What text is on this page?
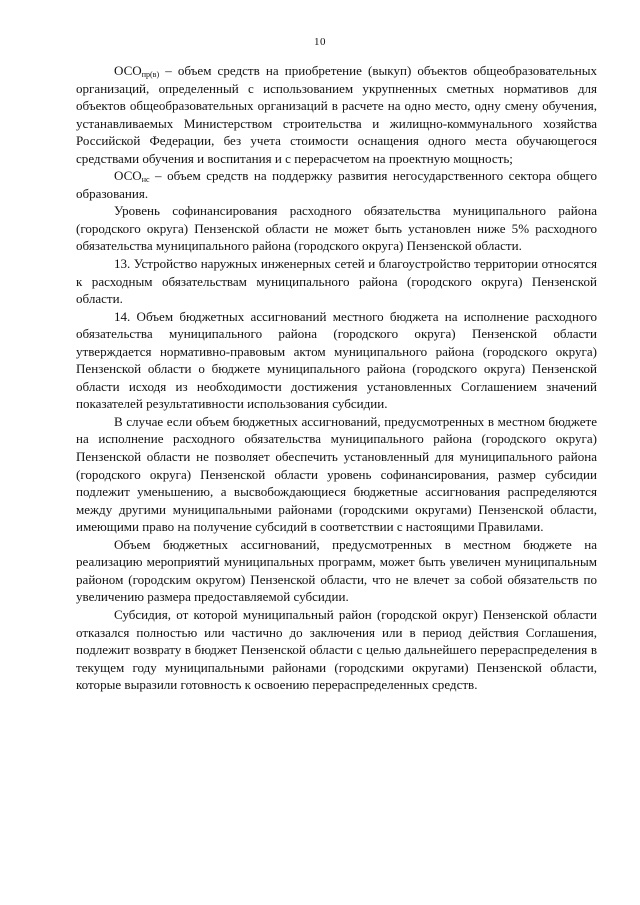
10

$ОСО_{пр(в)}$ – объем средств на приобретение (выкуп) объектов общеобразовательных организаций, определенный с использованием укрупненных сметных нормативов для объектов общеобразовательных организаций в расчете на одно место, одну смену обучения, устанавливаемых Министерством строительства и жилищно-коммунального хозяйства Российской Федерации, без учета стоимости оснащения одного места обучающегося средствами обучения и воспитания и с перерасчетом на проектную мощность;

$ОСО_{нс}$ – объем средств на поддержку развития негосударственного сектора общего образования.

Уровень софинансирования расходного обязательства муниципального района (городского округа) Пензенской области не может быть установлен ниже 5% расходного обязательства муниципального района (городского округа) Пензенской области.

13. Устройство наружных инженерных сетей и благоустройство территории относятся к расходным обязательствам муниципального района (городского округа) Пензенской области.

14. Объем бюджетных ассигнований местного бюджета на исполнение расходного обязательства муниципального района (городского округа) Пензенской области утверждается нормативно-правовым актом муниципального района (городского округа) Пензенской области о бюджете муниципального района (городского округа) Пензенской области исходя из необходимости достижения установленных Соглашением значений показателей результативности использования субсидии.

В случае если объем бюджетных ассигнований, предусмотренных в местном бюджете на исполнение расходного обязательства муниципального района (городского округа) Пензенской области не позволяет обеспечить установленный для муниципального района (городского округа) Пензенской области уровень софинансирования, размер субсидии подлежит уменьшению, а высвобождающиеся бюджетные ассигнования распределяются между другими муниципальными районами (городскими округами) Пензенской области, имеющими право на получение субсидий в соответствии с настоящими Правилами.

Объем бюджетных ассигнований, предусмотренных в местном бюджете на реализацию мероприятий муниципальных программ, может быть увеличен муниципальным районом (городским округом) Пензенской области, что не влечет за собой обязательств по увеличению размера предоставляемой субсидии.

Субсидия, от которой муниципальный район (городской округ) Пензенской области отказался полностью или частично до заключения или в период действия Соглашения, подлежит возврату в бюджет Пензенской области с целью дальнейшего перераспределения в текущем году муниципальными районами (городскими округами) Пензенской области, которые выразили готовность к освоению перераспределенных средств.
